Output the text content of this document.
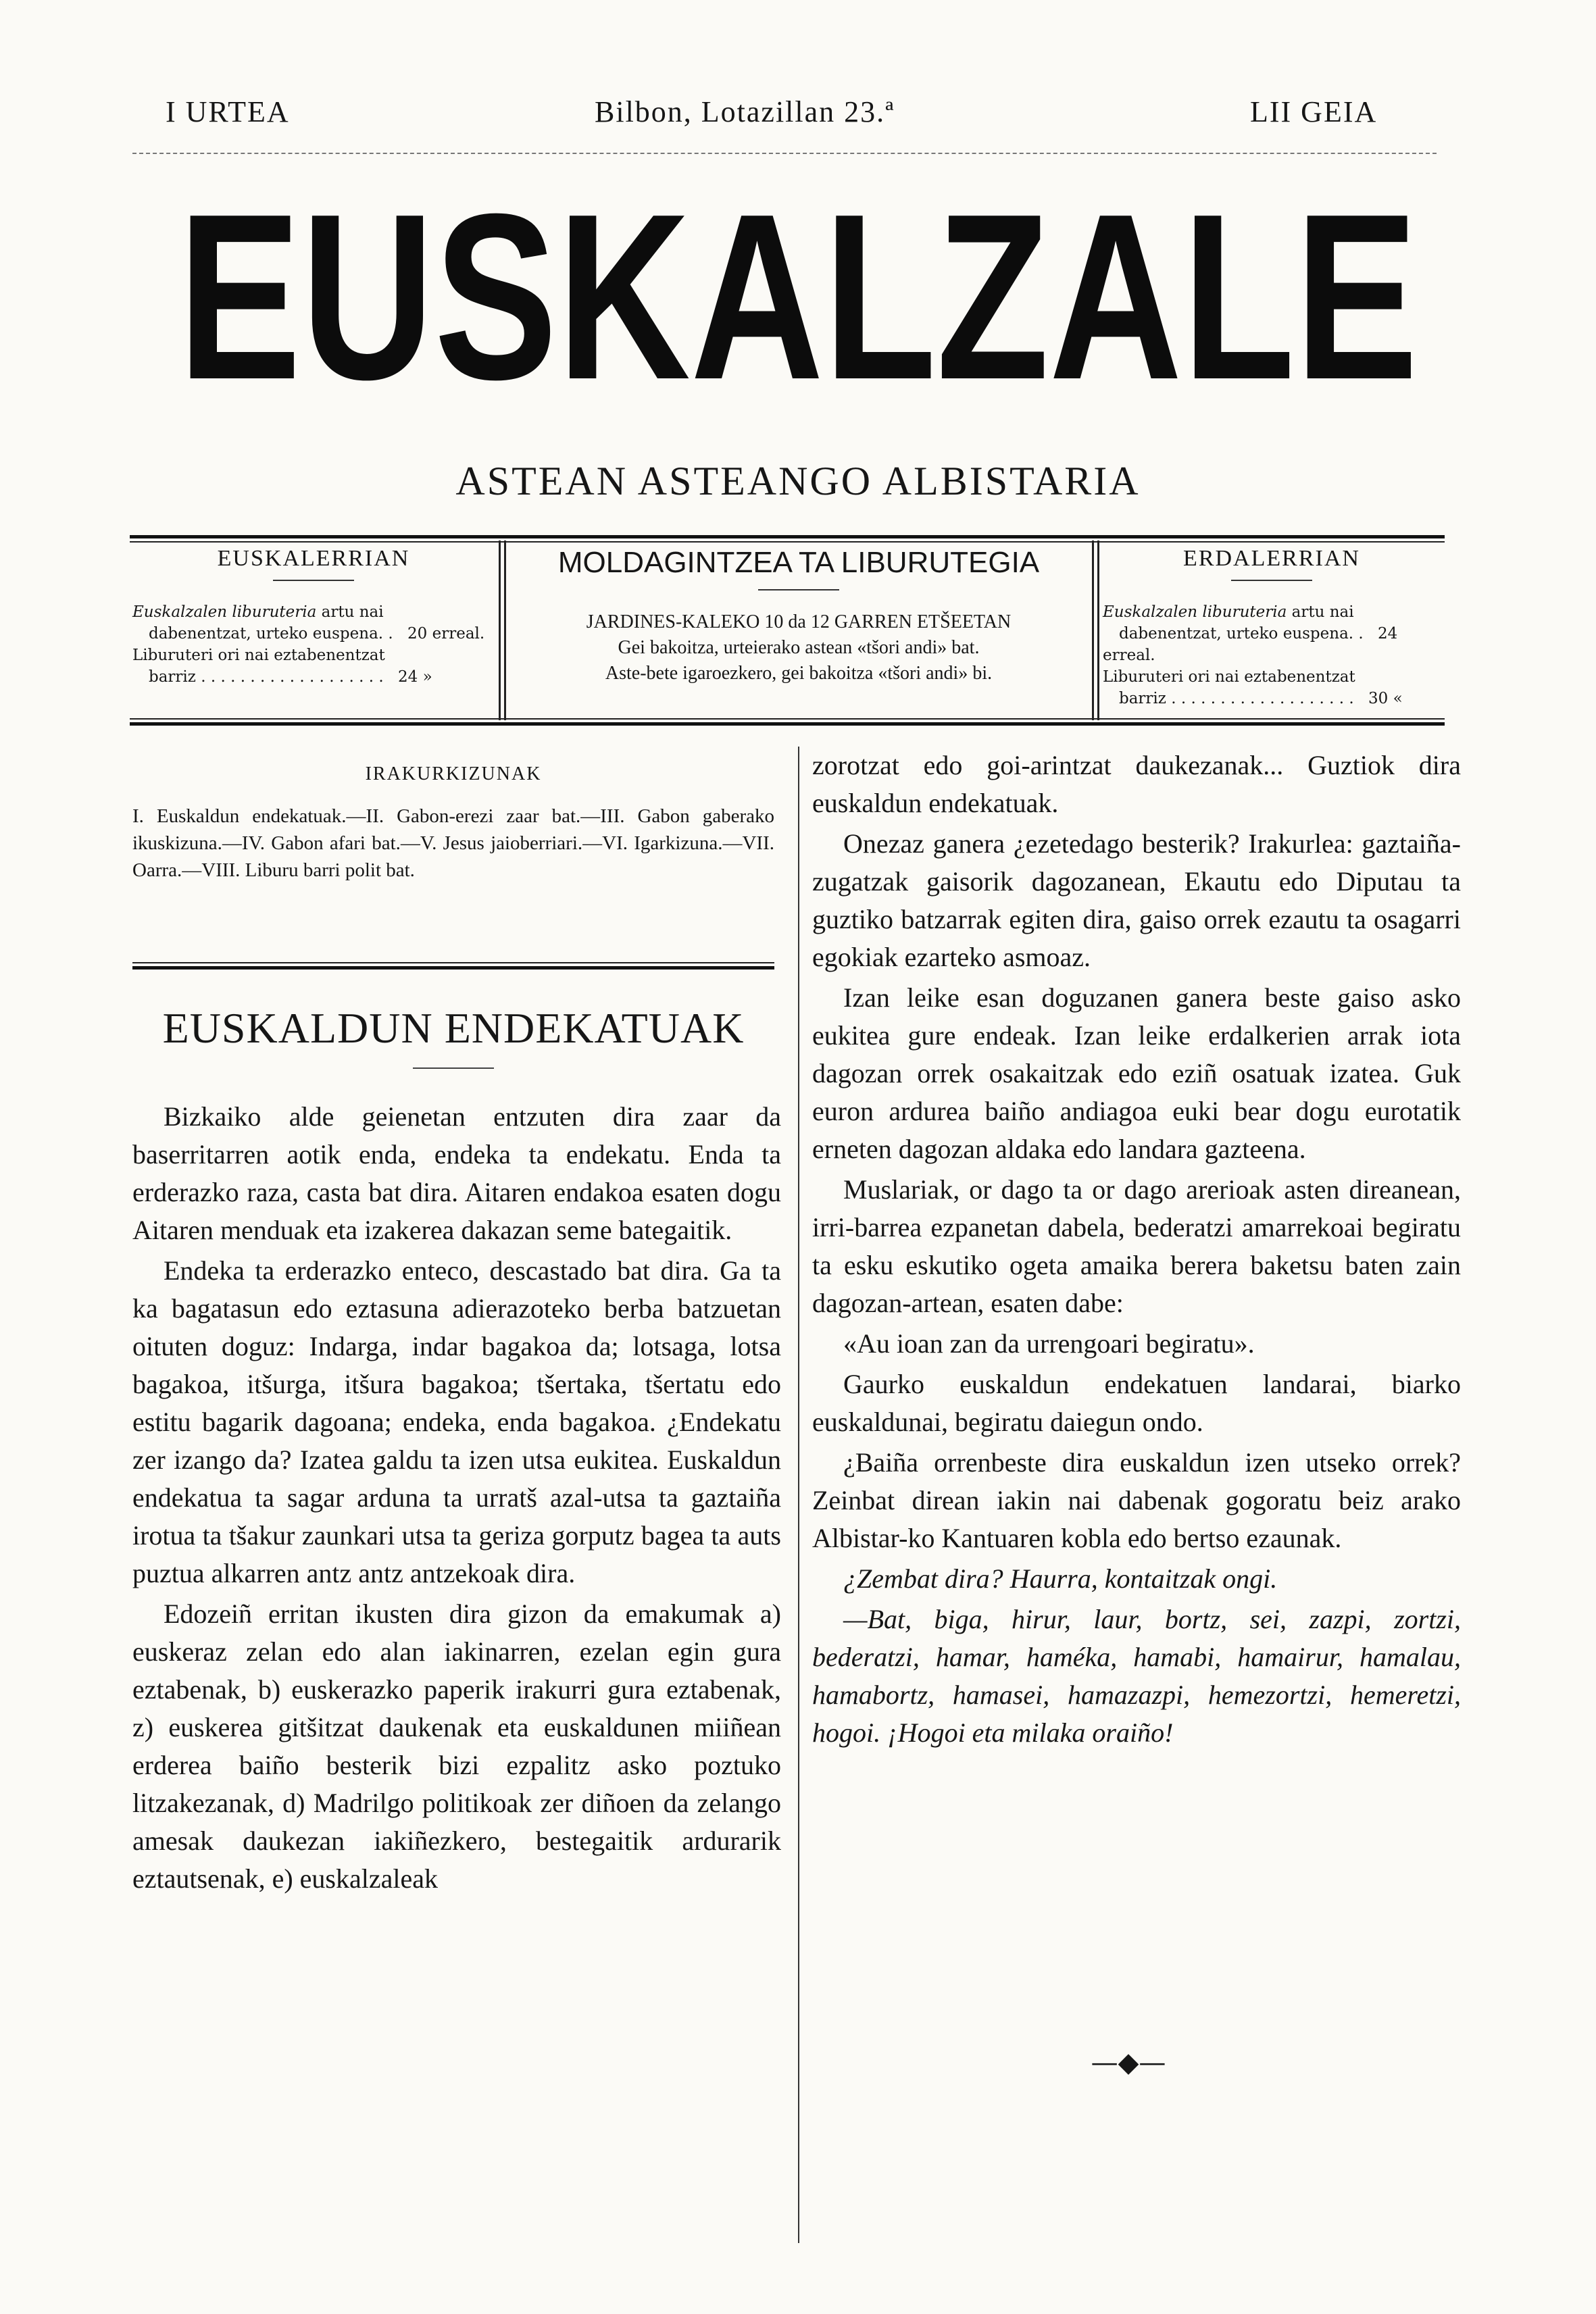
I URTEA	Bilbon, Lotazillan 23.ª	LII GEIA
EUSKALZALE
ASTEAN ASTEANGO ALBISTARIA
EUSKALERRIAN
Euskalzalen liburuteria artu nai
dabenentzat, urteko euspena. . 20 erreal.
Liburuteri ori nai eztabenentzat
barriz . . . . . . . . . . . . . . . . . . . 24 »
MOLDAGINTZEA TA LIBURUTEGIA
JARDINES-KALEKO 10 da 12 GARREN ETŠEETAN
Gei bakoitza, urteierako astean «tšori andi» bat.
Aste-bete igaroezkero, gei bakoitza «tšori andi» bi.
ERDALERRIAN
Euskalzalen liburuteria artu nai
dabenentzat, urteko euspena. . 24 erreal.
Liburuteri ori nai eztabenentzat
barriz . . . . . . . . . . . . . . . . . . . 30 «
IRAKURKIZUNAK
I. Euskaldun endekatuak.—II. Gabon-erezi zaar bat.—III. Gabon gaberako ikuskizuna.—IV. Gabon afari bat.—V. Jesus jaioberriari.—VI. Igarkizuna.—VII. Oarra.—VIII. Liburu barri polit bat.
EUSKALDUN ENDEKATUAK

Bizkaiko alde geienetan entzuten dira zaar da baserritarren aotik enda, endeka ta endekatu. Enda ta erderazko raza, casta bat dira. Aitaren endakoa esaten dogu Aitaren menduak eta izakerea dakazan seme bategaitik.

Endeka ta erderazko enteco, descastado bat dira. Ga ta ka bagatasun edo eztasuna adierazoteko berba batzuetan oituten doguz: Indarga, indar bagakoa da; lotsaga, lotsa bagakoa, itšurga, itšura bagakoa; tšertaka, tšertatu edo estitu bagarik dagoana; endeka, enda bagakoa. ¿Endekatu zer izango da? Izatea galdu ta izen utsa eukitea. Euskaldun endekatua ta sagar arduna ta urratš azal-utsa ta gaztaiña irotua ta tšakur zaunkari utsa ta geriza gorputz bagea ta auts puztua alkarren antz antz antzekoak dira.

Edozeiñ erritan ikusten dira gizon da emakumak a) euskeraz zelan edo alan iakinarren, ezelan egin gura eztabenak, b) euskerazko paperik irakurri gura eztabenak, z) euskerea gitšitzat daukenak eta euskaldunen miiñean erderea baiño besterik bizi ezpalitz asko poztuko litzakezanak, d) Madrilgo politikoak zer diñoen da zelango amesak daukezan iakiñezkero, bestegaitik ardurarik eztautsenak, e) euskalzaleak

zorotzat edo goi-arintzat daukezanak... Guztiok dira euskaldun endekatuak.

Onezaz ganera ¿ezetedago besterik? Irakurlea: gaztaiña-zugatzak gaisorik dagozanean, Ekautu edo Diputau ta guztiko batzarrak egiten dira, gaiso orrek ezautu ta osagarri egokiak ezarteko asmoaz.

Izan leike esan doguzanen ganera beste gaiso asko eukitea gure endeak. Izan leike erdalkerien arrak iota dagozan orrek osakaitzak edo eziñ osatuak izatea. Guk euron ardurea baiño andiagoa euki bear dogu eurotatik erneten dagozan aldaka edo landara gazteena.

Muslariak, or dago ta or dago arerioak asten direanean, irri-barrea ezpanetan dabela, bederatzi amarrekoai begiratu ta esku eskutiko ogeta amaika berera baketsu baten zain dagozan-artean, esaten dabe:

«Au ioan zan da urrengoari begiratu».

Gaurko euskaldun endekatuen landarai, biarko euskaldunai, begiratu daiegun ondo.

¿Baiña orrenbeste dira euskaldun izen utseko orrek? Zeinbat direan iakin nai dabenak gogoratu beiz arako Albistar-ko Kantuaren kobla edo bertso ezaunak.

¿Zembat dira? Haurra, kontaitzak ongi.

—Bat, biga, hirur, laur, bortz, sei, zazpi, zortzi, bederatzi, hamar, haméka, hamabi, hamairur, hamalau, hamabortz, hamasei, hamazazpi, hemezortzi, hemeretzi, hogoi. ¡Hogoi eta milaka oraiño!

—◆—
